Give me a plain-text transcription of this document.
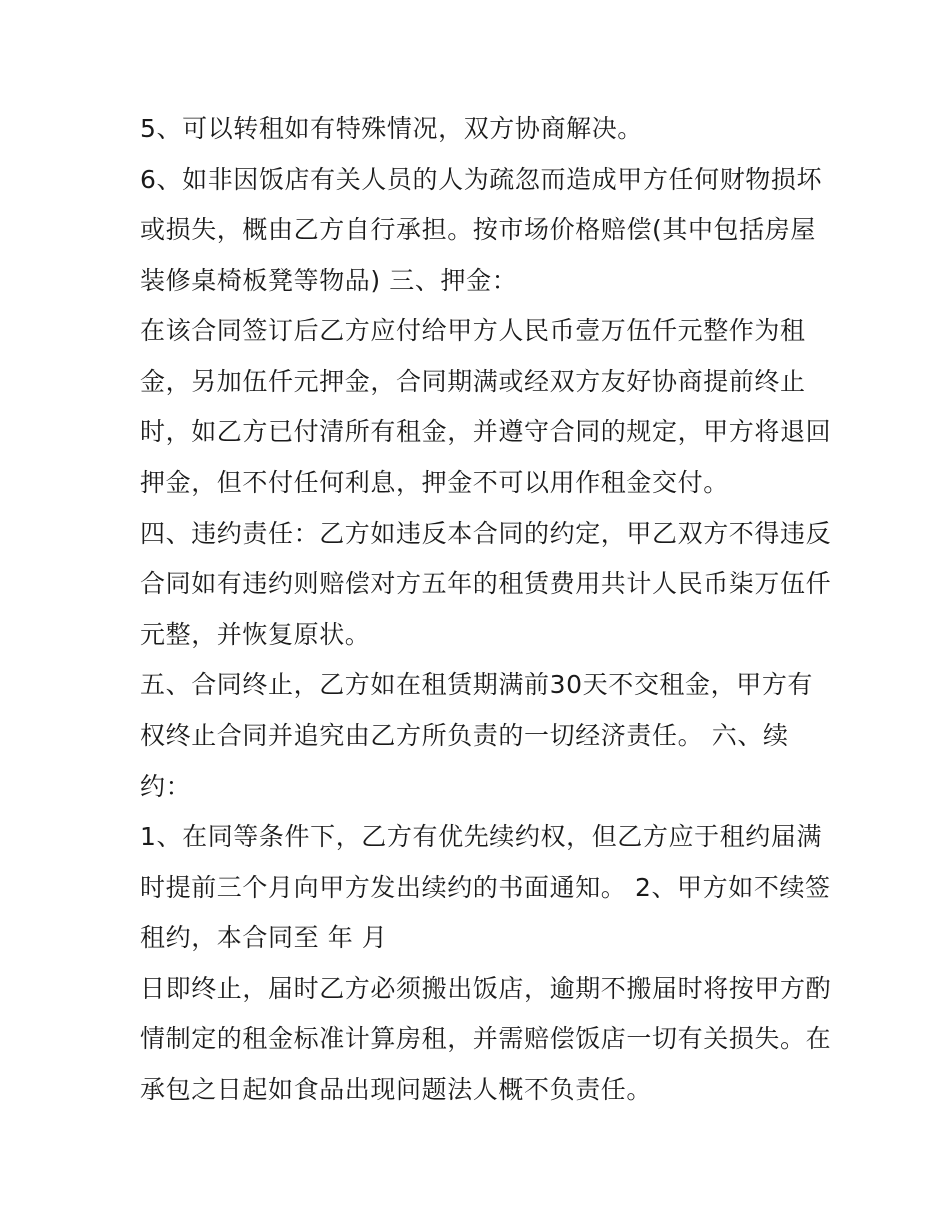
5、可以转租如有特殊情况，双方协商解决。
6、如非因饭店有关人员的人为疏忽而造成甲方任何财物损坏
或损失，概由乙方自行承担。按市场价格赔偿(其中包括房屋
装修桌椅板凳等物品) 三、押金：
在该合同签订后乙方应付给甲方人民币壹万伍仟元整作为租
金，另加伍仟元押金，合同期满或经双方友好协商提前终止
时，如乙方已付清所有租金，并遵守合同的规定，甲方将退回
押金，但不付任何利息，押金不可以用作租金交付。
四、违约责任：乙方如违反本合同的约定，甲乙双方不得违反
合同如有违约则赔偿对方五年的租赁费用共计人民币柒万伍仟
元整，并恢复原状。
五、合同终止，乙方如在租赁期满前30天不交租金，甲方有
权终止合同并追究由乙方所负责的一切经济责任。 六、续
约：
1、在同等条件下，乙方有优先续约权，但乙方应于租约届满
时提前三个月向甲方发出续约的书面通知。 2、甲方如不续签
租约，本合同至 年 月
日即终止，届时乙方必须搬出饭店，逾期不搬届时将按甲方酌
情制定的租金标准计算房租，并需赔偿饭店一切有关损失。在
承包之日起如食品出现问题法人概不负责任。
